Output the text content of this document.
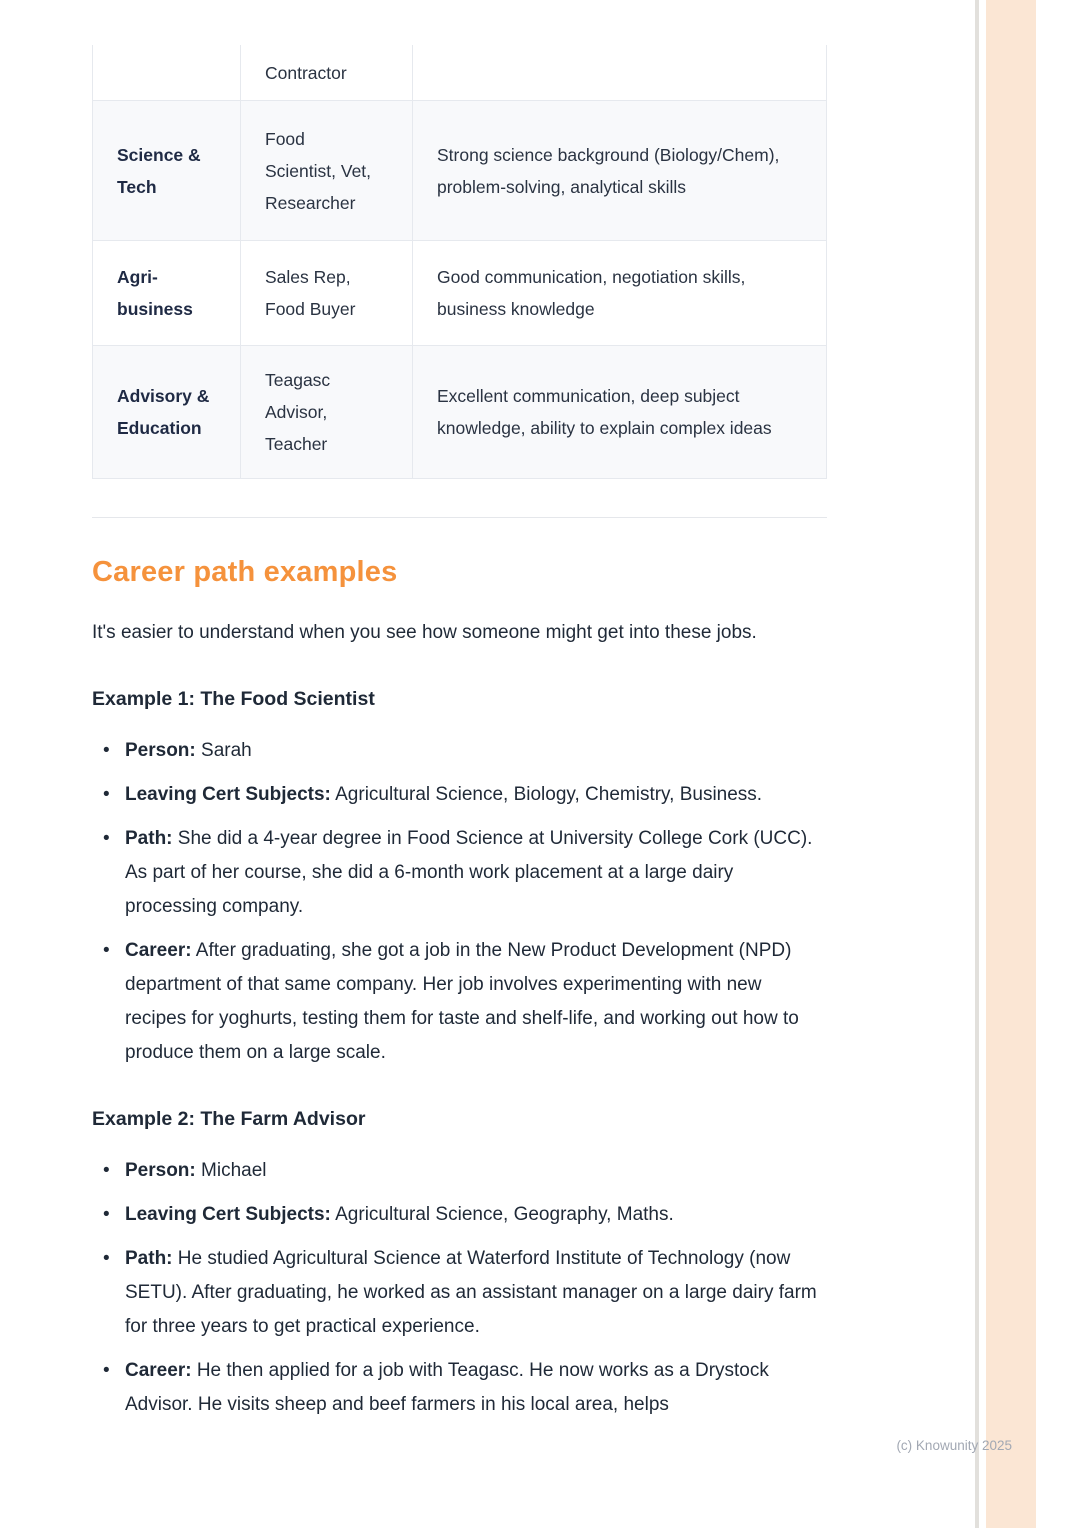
Contractor
Science & Tech
Food Scientist, Vet, Researcher
Strong science background (Biology/Chem), problem-solving, analytical skills
Agri-business
Sales Rep, Food Buyer
Good communication, negotiation skills, business knowledge
Advisory & Education
Teagasc Advisor, Teacher
Excellent communication, deep subject knowledge, ability to explain complex ideas
Career path examples

It's easier to understand when you see how someone might get into these jobs.

Example 1: The Food Scientist
• Person: Sarah
• Leaving Cert Subjects: Agricultural Science, Biology, Chemistry, Business.
• Path: She did a 4-year degree in Food Science at University College Cork (UCC). As part of her course, she did a 6-month work placement at a large dairy processing company.
• Career: After graduating, she got a job in the New Product Development (NPD) department of that same company. Her job involves experimenting with new recipes for yoghurts, testing them for taste and shelf-life, and working out how to produce them on a large scale.
Example 2: The Farm Advisor
• Person: Michael
• Leaving Cert Subjects: Agricultural Science, Geography, Maths.
• Path: He studied Agricultural Science at Waterford Institute of Technology (now SETU). After graduating, he worked as an assistant manager on a large dairy farm for three years to get practical experience.
• Career: He then applied for a job with Teagasc. He now works as a Drystock Advisor. He visits sheep and beef farmers in his local area, helps
(c) Knowunity 2025
